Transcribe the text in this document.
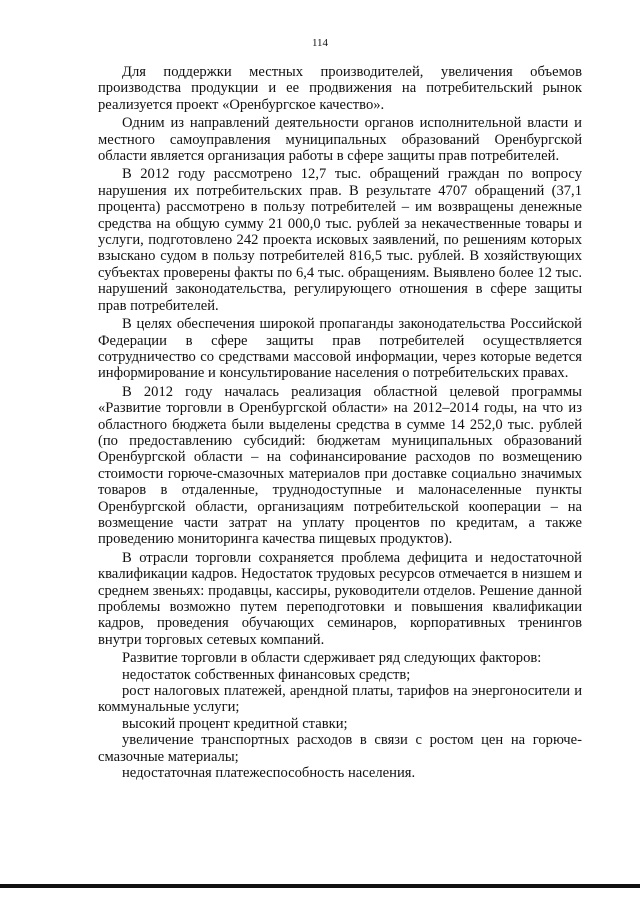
114

Для поддержки местных производителей, увеличения объемов производства продукции и ее продвижения на потребительский рынок реализуется проект «Оренбургское качество».

Одним из направлений деятельности органов исполнительной власти и местного самоуправления муниципальных образований Оренбургской области является организация работы в сфере защиты прав потребителей.

В 2012 году рассмотрено 12,7 тыс. обращений граждан по вопросу нарушения их потребительских прав. В результате 4707 обращений (37,1 процента) рассмотрено в пользу потребителей – им возвращены денежные средства на общую сумму 21 000,0 тыс. рублей за некачественные товары и услуги, подготовлено 242 проекта исковых заявлений, по решениям которых взыскано судом в пользу потребителей 816,5 тыс. рублей. В хозяйствующих субъектах проверены факты по 6,4 тыс. обращениям. Выявлено более 12 тыс. нарушений законодательства, регулирующего отношения в сфере защиты прав потребителей.

В целях обеспечения широкой пропаганды законодательства Российской Федерации в сфере защиты прав потребителей осуществляется сотрудничество со средствами массовой информации, через которые ведется информирование и консультирование населения о потребительских правах.

В 2012 году началась реализация областной целевой программы «Развитие торговли в Оренбургской области» на 2012–2014 годы, на что из областного бюджета были выделены средства в сумме 14 252,0 тыс. рублей (по предоставлению субсидий: бюджетам муниципальных образований Оренбургской области – на софинансирование расходов по возмещению стоимости горюче-смазочных материалов при доставке социально значимых товаров в отдаленные, труднодоступные и малонаселенные пункты Оренбургской области, организациям потребительской кооперации – на возмещение части затрат на уплату процентов по кредитам, а также проведению мониторинга качества пищевых продуктов).

В отрасли торговли сохраняется проблема дефицита и недостаточной квалификации кадров. Недостаток трудовых ресурсов отмечается в низшем и среднем звеньях: продавцы, кассиры, руководители отделов. Решение данной проблемы возможно путем переподготовки и повышения квалификации кадров, проведения обучающих семинаров, корпоративных тренингов внутри торговых сетевых компаний.

Развитие торговли в области сдерживает ряд следующих факторов:

недостаток собственных финансовых средств;

рост налоговых платежей, арендной платы, тарифов на энергоносители и коммунальные услуги;

высокий процент кредитной ставки;

увеличение транспортных расходов в связи с ростом цен на горюче-смазочные материалы;

недостаточная платежеспособность населения.
